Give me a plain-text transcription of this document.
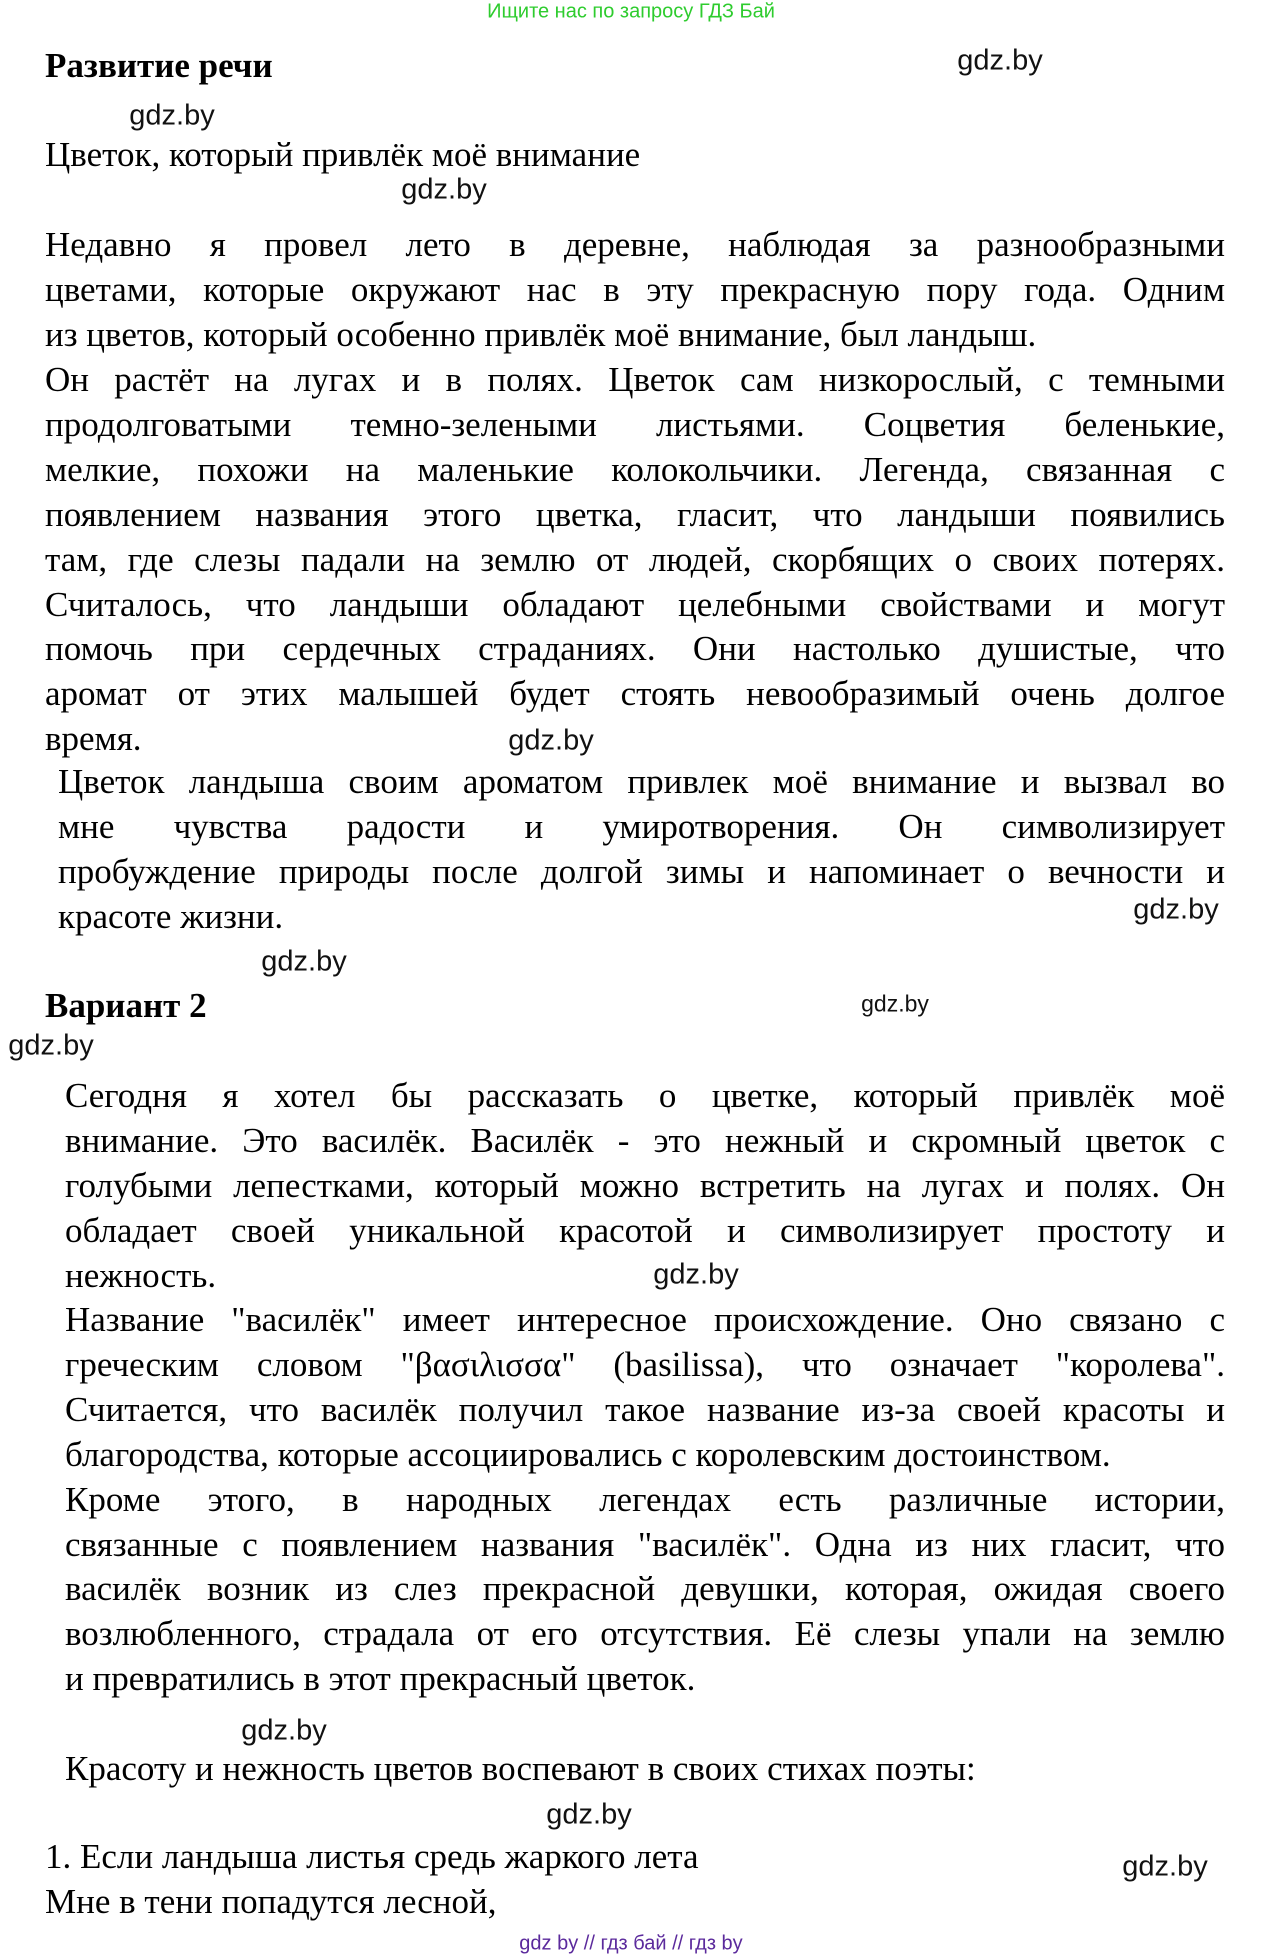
Ищите нас по запросу ГДЗ Бай
Развитие речи
Цветок, который привлёк моё внимание
Вариант 2
Недавно я провел лето в деревне, наблюдая за разнообразными
цветами, которые окружают нас в эту прекрасную пору года. Одним
из цветов, который особенно привлёк моё внимание, был ландыш.
Он растёт на лугах и в полях. Цветок сам низкорослый, с темными
продолговатыми темно-зелеными листьями. Соцветия беленькие,
мелкие, похожи на маленькие колокольчики. Легенда, связанная с
появлением названия этого цветка, гласит, что ландыши появились
там, где слезы падали на землю от людей, скорбящих о своих потерях.
Считалось, что ландыши обладают целебными свойствами и могут
помочь при сердечных страданиях. Они настолько душистые, что
аромат от этих малышей будет стоять невообразимый очень долгое
время.
Цветок ландыша своим ароматом привлек моё внимание и вызвал во
мне чувства радости и умиротворения. Он символизирует
пробуждение природы после долгой зимы и напоминает о вечности и
красоте жизни.
Сегодня я хотел бы рассказать о цветке, который привлёк моё
внимание. Это василёк. Василёк - это нежный и скромный цветок с
голубыми лепестками, который можно встретить на лугах и полях. Он
обладает своей уникальной красотой и символизирует простоту и
нежность.
Название "василёк" имеет интересное происхождение. Оно связано с
греческим словом "βασιλισσα" (basilissa), что означает "королева".
Считается, что василёк получил такое название из-за своей красоты и
благородства, которые ассоциировались с королевским достоинством.
Кроме этого, в народных легендах есть различные истории,
связанные с появлением названия "василёк". Одна из них гласит, что
василёк возник из слез прекрасной девушки, которая, ожидая своего
возлюбленного, страдала от его отсутствия. Её слезы упали на землю
и превратились в этот прекрасный цветок.
Красоту и нежность цветов воспевают в своих стихах поэты:
1. Если ландыша листья средь жаркого лета
Мне в тени попадутся лесной,
gdz.by
gdz.by
gdz.by
gdz.by
gdz.by
gdz.by
gdz.by
gdz.by
gdz.by
gdz.by
gdz.by
gdz.by
gdz by // гдз бай // гдз by
